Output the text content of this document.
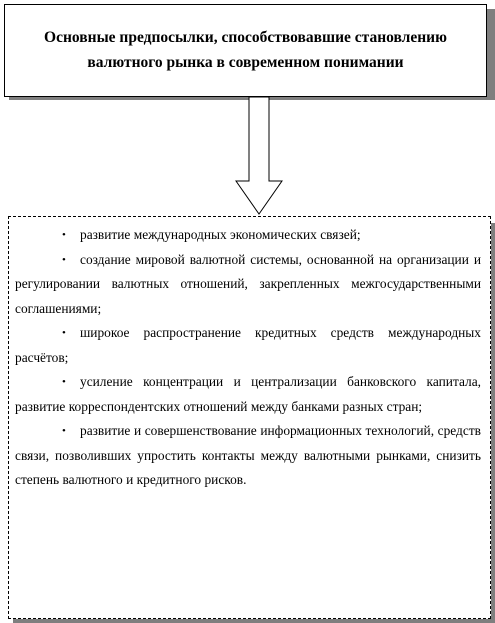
Основные предпосылки, способствовавшие становлению валютного рынка в современном понимании
• развитие международных экономических связей;
• создание мировой валютной системы, основанной на организации и регулировании валютных отношений, закрепленных межгосударственными соглашениями;
• широкое распространение кредитных средств международных расчётов;
• усиление концентрации и централизации банковского капитала, развитие корреспондентских отношений между банками разных стран;
• развитие и совершенствование информационных технологий, средств связи, позволивших упростить контакты между валютными рынками, снизить степень валютного и кредитного рисков.
